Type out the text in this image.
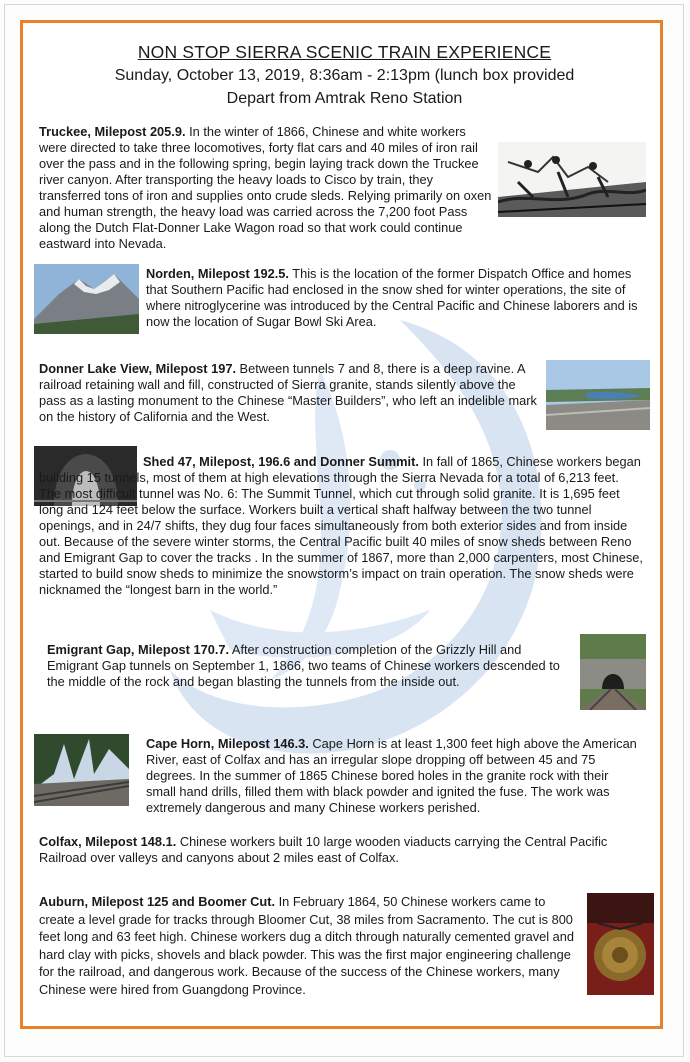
NON STOP SIERRA SCENIC TRAIN EXPERIENCE

Sunday, October 13, 2019, 8:36am - 2:13pm (lunch box provided

Depart from Amtrak Reno Station

Truckee, Milepost 205.9. In the winter of 1866, Chinese and white workers were directed to take three locomotives, forty flat cars and 40 miles of iron rail over the pass and in the following spring, begin laying track down the Truckee river canyon. After transporting the heavy loads to Cisco by train, they transferred tons of iron and supplies onto crude sleds. Relying primarily on oxen and human strength, the heavy load was carried across the 7,200 foot Pass along the Dutch Flat-Donner Lake Wagon road so that work could continue eastward into Nevada.
Norden, Milepost 192.5. This is the location of the former Dispatch Office and homes that Southern Pacific had enclosed in the snow shed for winter operations, the site of where nitroglycerine was introduced by the Central Pacific and Chinese laborers and is now the location of Sugar Bowl Ski Area.
Donner Lake View, Milepost 197. Between tunnels 7 and 8, there is a deep ravine. A railroad retaining wall and fill, constructed of Sierra granite, stands silently above the pass as a lasting monument to the Chinese “Master Builders”, who left an indelible mark on the history of California and the West.
Shed 47, Milepost, 196.6 and Donner Summit. In fall of 1865, Chinese workers began building 15 tunnels, most of them at high elevations through the Sierra Nevada for a total of 6,213 feet. The most difficult tunnel was No. 6: The Summit Tunnel, which cut through solid granite. It is 1,695 feet long and 124 feet below the surface. Workers built a vertical shaft halfway between the two tunnel openings, and in 24/7 shifts, they dug four faces simultaneously from both exterior sides and from inside out. Because of the severe winter storms, the Central Pacific built 40 miles of snow sheds between Reno and Emigrant Gap to cover the tracks . In the summer of 1867, more than 2,000 carpenters, most Chinese, started to build snow sheds to minimize the snowstorm’s impact on train operation. The snow sheds were nicknamed the “longest barn in the world.”
Emigrant Gap, Milepost 170.7. After construction completion of the Grizzly Hill and Emigrant Gap tunnels on September 1, 1866, two teams of Chinese workers descended to the middle of the rock and began blasting the tunnels from the inside out.
Cape Horn, Milepost 146.3. Cape Horn is at least 1,300 feet high above the American River, east of Colfax and has an irregular slope dropping off between 45 and 75 degrees. In the summer of 1865 Chinese bored holes in the granite rock with their small hand drills, filled them with black powder and ignited the fuse. The work was extremely dangerous and many Chinese workers perished.
Colfax, Milepost 148.1. Chinese workers built 10 large wooden viaducts carrying the Central Pacific Railroad over valleys and canyons about 2 miles east of Colfax.
Auburn, Milepost 125 and Boomer Cut. In February 1864, 50 Chinese workers came to create a level grade for tracks through Bloomer Cut, 38 miles from Sacramento. The cut is 800 feet long and 63 feet high. Chinese workers dug a ditch through naturally cemented gravel and hard clay with picks, shovels and black powder. This was the first major engineering challenge for the railroad, and dangerous work. Because of the success of the Chinese workers, many Chinese were hired from Guangdong Province.
